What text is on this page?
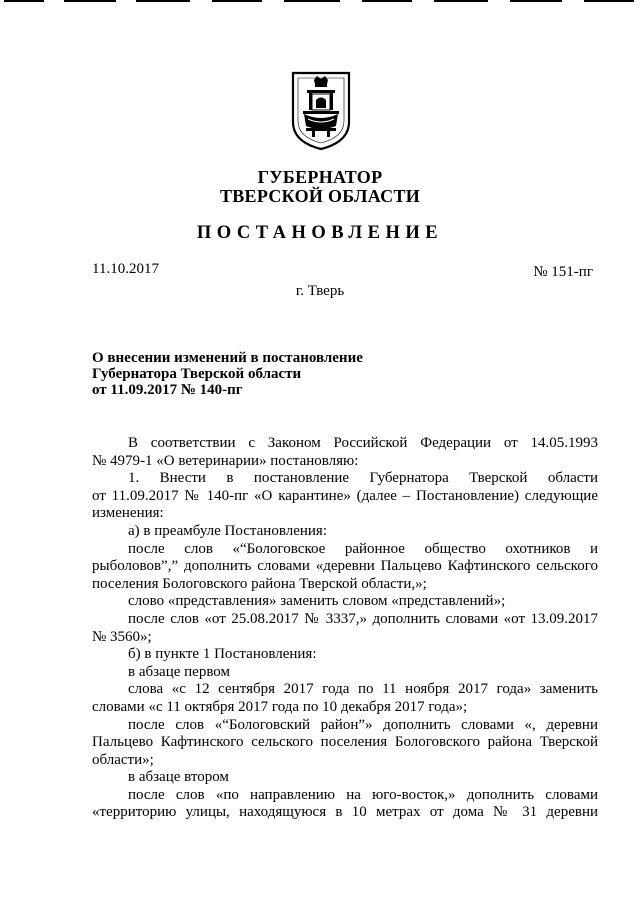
ГУБЕРНАТОР
ТВЕРСКОЙ ОБЛАСТИ
ПОСТАНОВЛЕНИЕ
11.10.2017	№ 151-пг
г. Тверь
О внесении изменений в постановление
Губернатора Тверской области
от 11.09.2017 № 140-пг

В соответствии с Законом Российской Федерации от 14.05.1993

№ 4979-1 «О ветеринарии» постановляю:

1. Внести в постановление Губернатора Тверской области

от 11.09.2017 № 140-пг «О карантине» (далее – Постановление) следующие

изменения:

а) в преамбуле Постановления:

после слов «“Бологовское районное общество охотников и

рыболовов”,” дополнить словами «деревни Пальцево Кафтинского сельского

поселения Бологовского района Тверской области,»;

слово «представления» заменить словом «представлений»;

после слов «от 25.08.2017 № 3337,» дополнить словами «от 13.09.2017

№ 3560»;

б) в пункте 1 Постановления:

в абзаце первом

слова «с 12 сентября 2017 года по 11 ноября 2017 года» заменить

словами «с 11 октября 2017 года по 10 декабря 2017 года»;

после слов «“Бологовский район”» дополнить словами «, деревни

Пальцево Кафтинского сельского поселения Бологовского района Тверской

области»;

в абзаце втором

после слов «по направлению на юго-восток,» дополнить словами

«территорию улицы, находящуюся в 10 метрах от дома № 31 деревни
